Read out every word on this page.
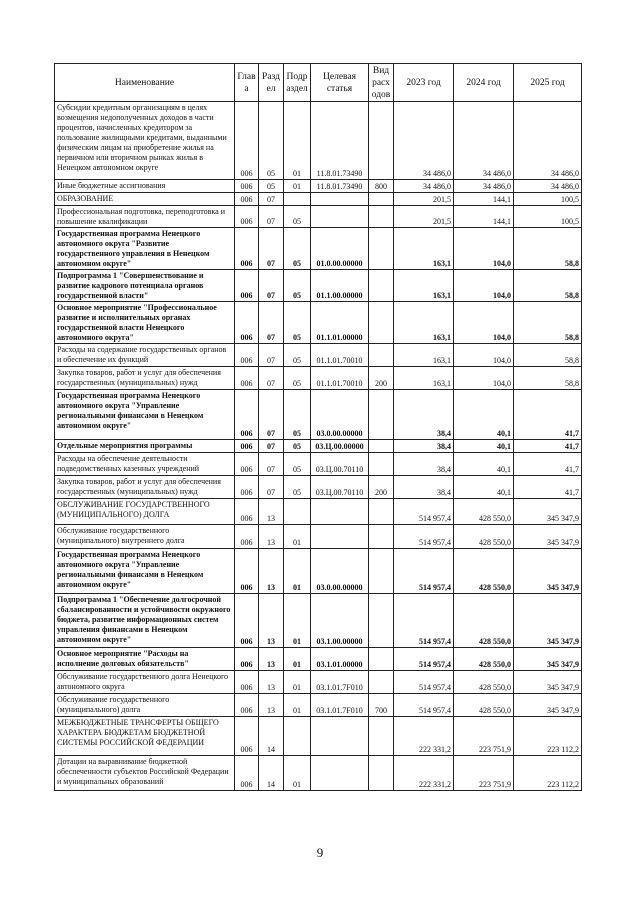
Наименование	Глав а	Разд ел	Подр аздел	Целевая статья	Вид расх одов	2023 год	2024 год	2025 год
Субсидии кредитным организациям в целях возмещения недополученных доходов в части процентов, начисленных кредитором за пользование жилищными кредитами, выданными физическим лицам на приобретение жилья на первичном или вторичном рынках жилья в Ненецком автономном округе	006	05	01	11.8.01.73490		34 486,0	34 486,0	34 486,0
Иные бюджетные ассигнования	006	05	01	11.8.01.73490	800	34 486,0	34 486,0	34 486,0
ОБРАЗОВАНИЕ	006	07				201,5	144,1	100,5
Профессиональная подготовка, переподготовка и повышение квалификации	006	07	05			201,5	144,1	100,5
Государственная программа Ненецкого автономного округа "Развитие государственного управления в Ненецком автономном округе"	006	07	05	01.0.00.00000		163,1	104,0	58,8
Подпрограмма 1 "Совершенствование и развитие кадрового потенциала органов государственной власти"	006	07	05	01.1.00.00000		163,1	104,0	58,8
Основное мероприятие "Профессиональное развитие и исполнительных органах государственной власти Ненецкого автономного округа"	006	07	05	01.1.01.00000		163,1	104,0	58,8
Расходы на содержание государственных органов и обеспечение их функций	006	07	05	01.1.01.70010		163,1	104,0	58,8
Закупка товаров, работ и услуг для обеспечения государственных (муниципальных) нужд	006	07	05	01.1.01.70010	200	163,1	104,0	58,8
Государственная программа Ненецкого автономного округа "Управление региональными финансами в Ненецком автономном округе"	006	07	05	03.0.00.00000		38,4	40,1	41,7
Отдельные мероприятия программы	006	07	05	03.Ц.00.00000		38,4	40,1	41,7
Расходы на обеспечение деятельности подведомственных казенных учреждений	006	07	05	03.Ц.00.70110		38,4	40,1	41,7
Закупка товаров, работ и услуг для обеспечения государственных (муниципальных) нужд	006	07	05	03.Ц.00.70110	200	38,4	40,1	41,7
ОБСЛУЖИВАНИЕ ГОСУДАРСТВЕННОГО (МУНИЦИПАЛЬНОГО) ДОЛГА	006	13				514 957,4	428 550,0	345 347,9
Обслуживание государственного (муниципального) внутреннего долга	006	13	01			514 957,4	428 550,0	345 347,9
Государственная программа Ненецкого автономного округа "Управление региональными финансами в Ненецком автономном округе"	006	13	01	03.0.00.00000		514 957,4	428 550,0	345 347,9
Подпрограмма 1 "Обеспечение долгосрочной сбалансированности и устойчивости окружного бюджета, развитие информационных систем управления финансами в Ненецком автономном округе"	006	13	01	03.1.00.00000		514 957,4	428 550,0	345 347,9
Основное мероприятие "Расходы на исполнение долговых обязательств"	006	13	01	03.1.01.00000		514 957,4	428 550,0	345 347,9
Обслуживание государственного долга Ненецкого автономного округа	006	13	01	03.1.01.7F010		514 957,4	428 550,0	345 347,9
Обслуживание государственного (муниципального) долга	006	13	01	03.1.01.7F010	700	514 957,4	428 550,0	345 347,9
МЕЖБЮДЖЕТНЫЕ ТРАНСФЕРТЫ ОБЩЕГО ХАРАКТЕРА БЮДЖЕТАМ БЮДЖЕТНОЙ СИСТЕМЫ РОССИЙСКОЙ ФЕДЕРАЦИИ	006	14				222 331,2	223 751,9	223 112,2
Дотации на выравнивание бюджетной обеспеченности субъектов Российской Федерации и муниципальных образований	006	14	01			222 331,2	223 751,9	223 112,2
9
